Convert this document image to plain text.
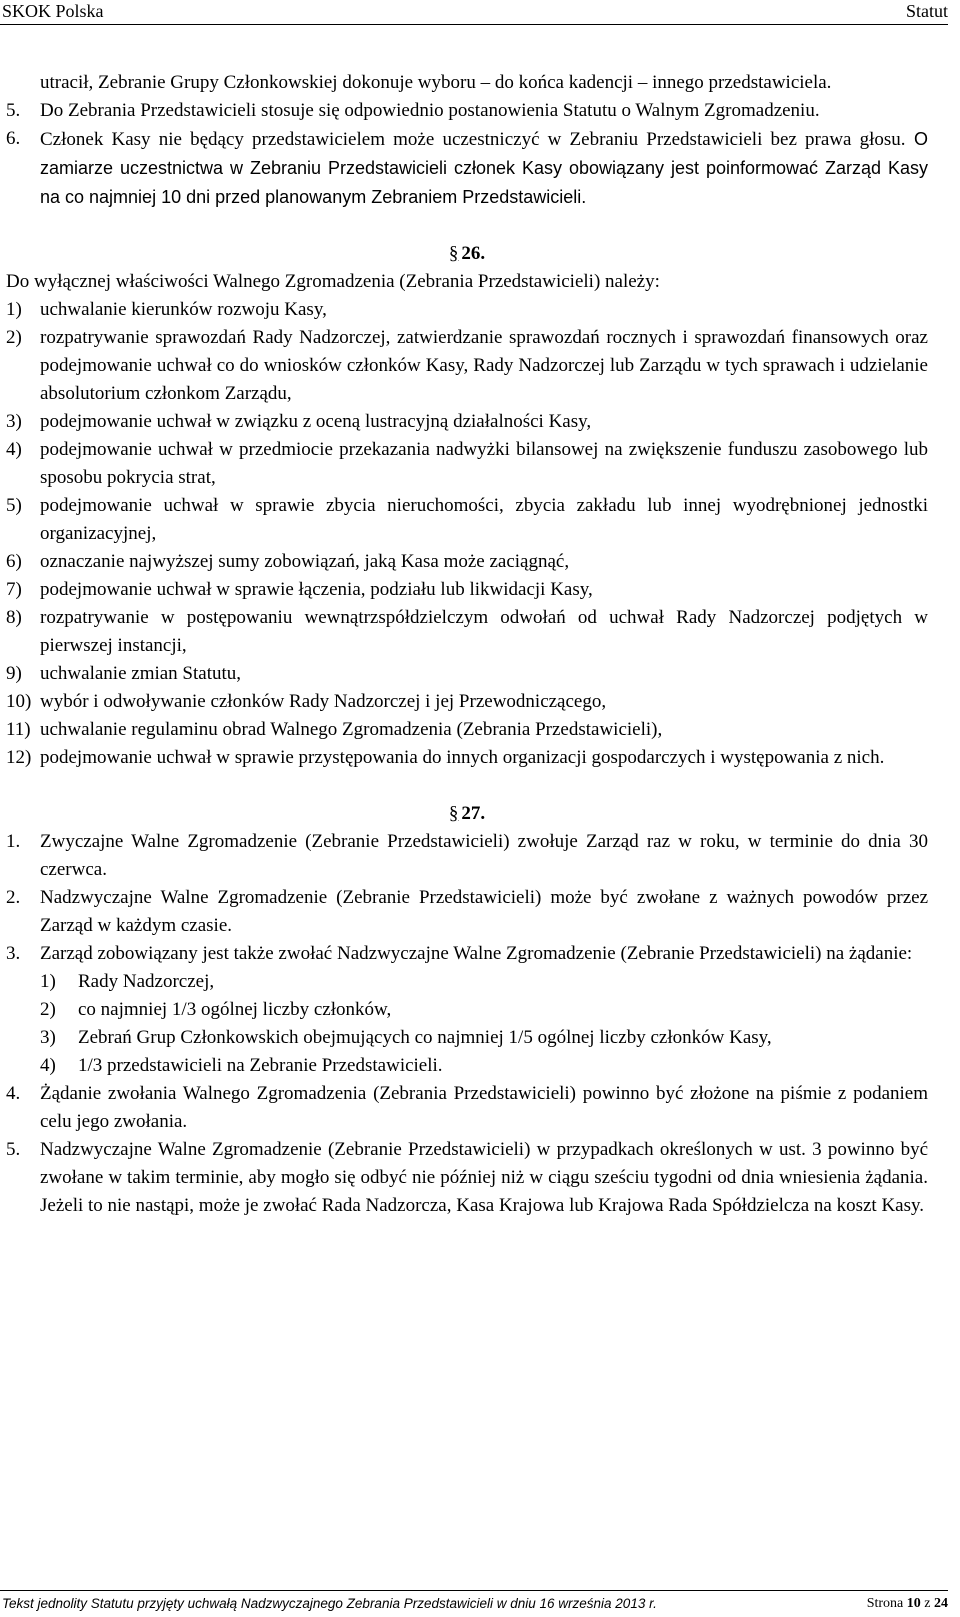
SKOK Polska	Statut
utracił, Zebranie Grupy Członkowskiej dokonuje wyboru – do końca kadencji – innego przedstawiciela.
5.	Do Zebrania Przedstawicieli stosuje się odpowiednio postanowienia Statutu o Walnym Zgromadzeniu.
6.	Członek Kasy nie będący przedstawicielem może uczestniczyć w Zebraniu Przedstawicieli bez prawa głosu. O zamiarze uczestnictwa w Zebraniu Przedstawicieli członek Kasy obowiązany jest poinformować Zarząd Kasy na co najmniej 10 dni przed planowanym Zebraniem Przedstawicieli.
§ 26.
Do wyłącznej właściwości Walnego Zgromadzenia (Zebrania Przedstawicieli) należy:
1) uchwalanie kierunków rozwoju Kasy,
2) rozpatrywanie sprawozdań Rady Nadzorczej, zatwierdzanie sprawozdań rocznych i sprawozdań finansowych oraz podejmowanie uchwał co do wniosków członków Kasy, Rady Nadzorczej lub Zarządu w tych sprawach i udzielanie absolutorium członkom Zarządu,
3) podejmowanie uchwał w związku z oceną lustracyjną działalności Kasy,
4) podejmowanie uchwał w przedmiocie przekazania nadwyżki bilansowej na zwiększenie funduszu zasobowego lub sposobu pokrycia strat,
5) podejmowanie uchwał w sprawie zbycia nieruchomości, zbycia zakładu lub innej wyodrębnionej jednostki organizacyjnej,
6) oznaczanie najwyższej sumy zobowiązań, jaką Kasa może zaciągnąć,
7) podejmowanie uchwał w sprawie łączenia, podziału lub likwidacji Kasy,
8) rozpatrywanie w postępowaniu wewnątrzspółdzielczym odwołań od uchwał Rady Nadzorczej podjętych w pierwszej instancji,
9) uchwalanie zmian Statutu,
10) wybór i odwoływanie członków Rady Nadzorczej i jej Przewodniczącego,
11) uchwalanie regulaminu obrad Walnego Zgromadzenia (Zebrania Przedstawicieli),
12) podejmowanie uchwał w sprawie przystępowania do innych organizacji gospodarczych i występowania z nich.
§ 27.
1.	Zwyczajne Walne Zgromadzenie (Zebranie Przedstawicieli) zwołuje Zarząd raz w roku, w terminie do dnia 30 czerwca.
2.	Nadzwyczajne Walne Zgromadzenie (Zebranie Przedstawicieli) może być zwołane z ważnych powodów przez Zarząd w każdym czasie.
3.	Zarząd zobowiązany jest także zwołać Nadzwyczajne Walne Zgromadzenie (Zebranie Przedstawicieli) na żądanie:
1)	Rady Nadzorczej,
2)	co najmniej 1/3 ogólnej liczby członków,
3)	Zebrań Grup Członkowskich obejmujących co najmniej 1/5 ogólnej liczby członków Kasy,
4)	1/3 przedstawicieli na Zebranie Przedstawicieli.
4.	Żądanie zwołania Walnego Zgromadzenia (Zebrania Przedstawicieli) powinno być złożone na piśmie z podaniem celu jego zwołania.
5.	Nadzwyczajne Walne Zgromadzenie (Zebranie Przedstawicieli) w przypadkach określonych w ust. 3 powinno być zwołane w takim terminie, aby mogło się odbyć nie później niż w ciągu sześciu tygodni od dnia wniesienia żądania. Jeżeli to nie nastąpi, może je zwołać Rada Nadzorcza, Kasa Krajowa lub Krajowa Rada Spółdzielcza na koszt Kasy.
Tekst jednolity Statutu przyjęty uchwałą Nadzwyczajnego Zebrania Przedstawicieli w dniu 16 września 2013 r.	Strona 10 z 24
